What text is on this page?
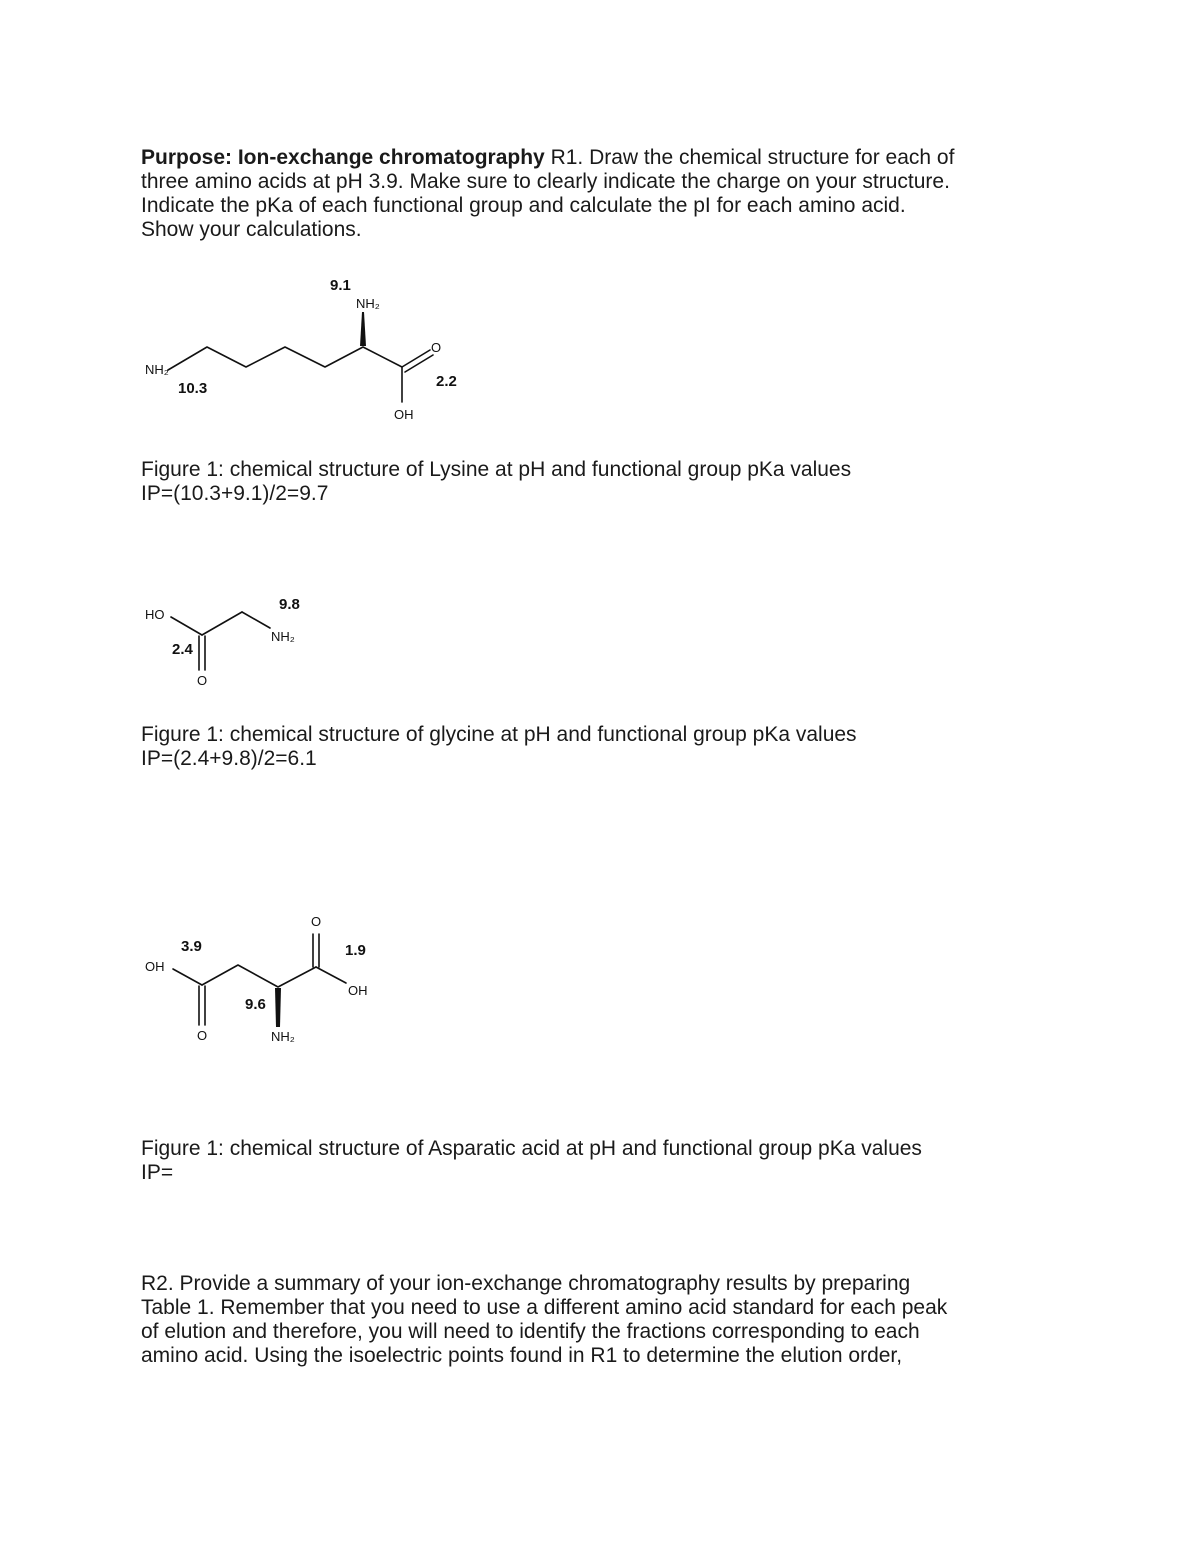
Purpose: Ion-exchange chromatography R1. Draw the chemical structure for each of
three amino acids at pH 3.9. Make sure to clearly indicate the charge on your structure.
Indicate the pKa of each functional group and calculate the pI for each amino acid.
Show your calculations.
9.1
NH₂
NH₂
10.3
O
2.2
OH
Figure 1: chemical structure of Lysine at pH and functional group pKa values
IP=(10.3+9.1)/2=9.7
HO
9.8
NH₂
2.4
O
Figure 1: chemical structure of glycine at pH and functional group pKa values
IP=(2.4+9.8)/2=6.1
OH
3.9
O
9.6
NH₂
O
1.9
OH
Figure 1: chemical structure of Asparatic acid at pH and functional group pKa values
IP=
R2. Provide a summary of your ion-exchange chromatography results by preparing
Table 1. Remember that you need to use a different amino acid standard for each peak
of elution and therefore, you will need to identify the fractions corresponding to each
amino acid. Using the isoelectric points found in R1 to determine the elution order,
